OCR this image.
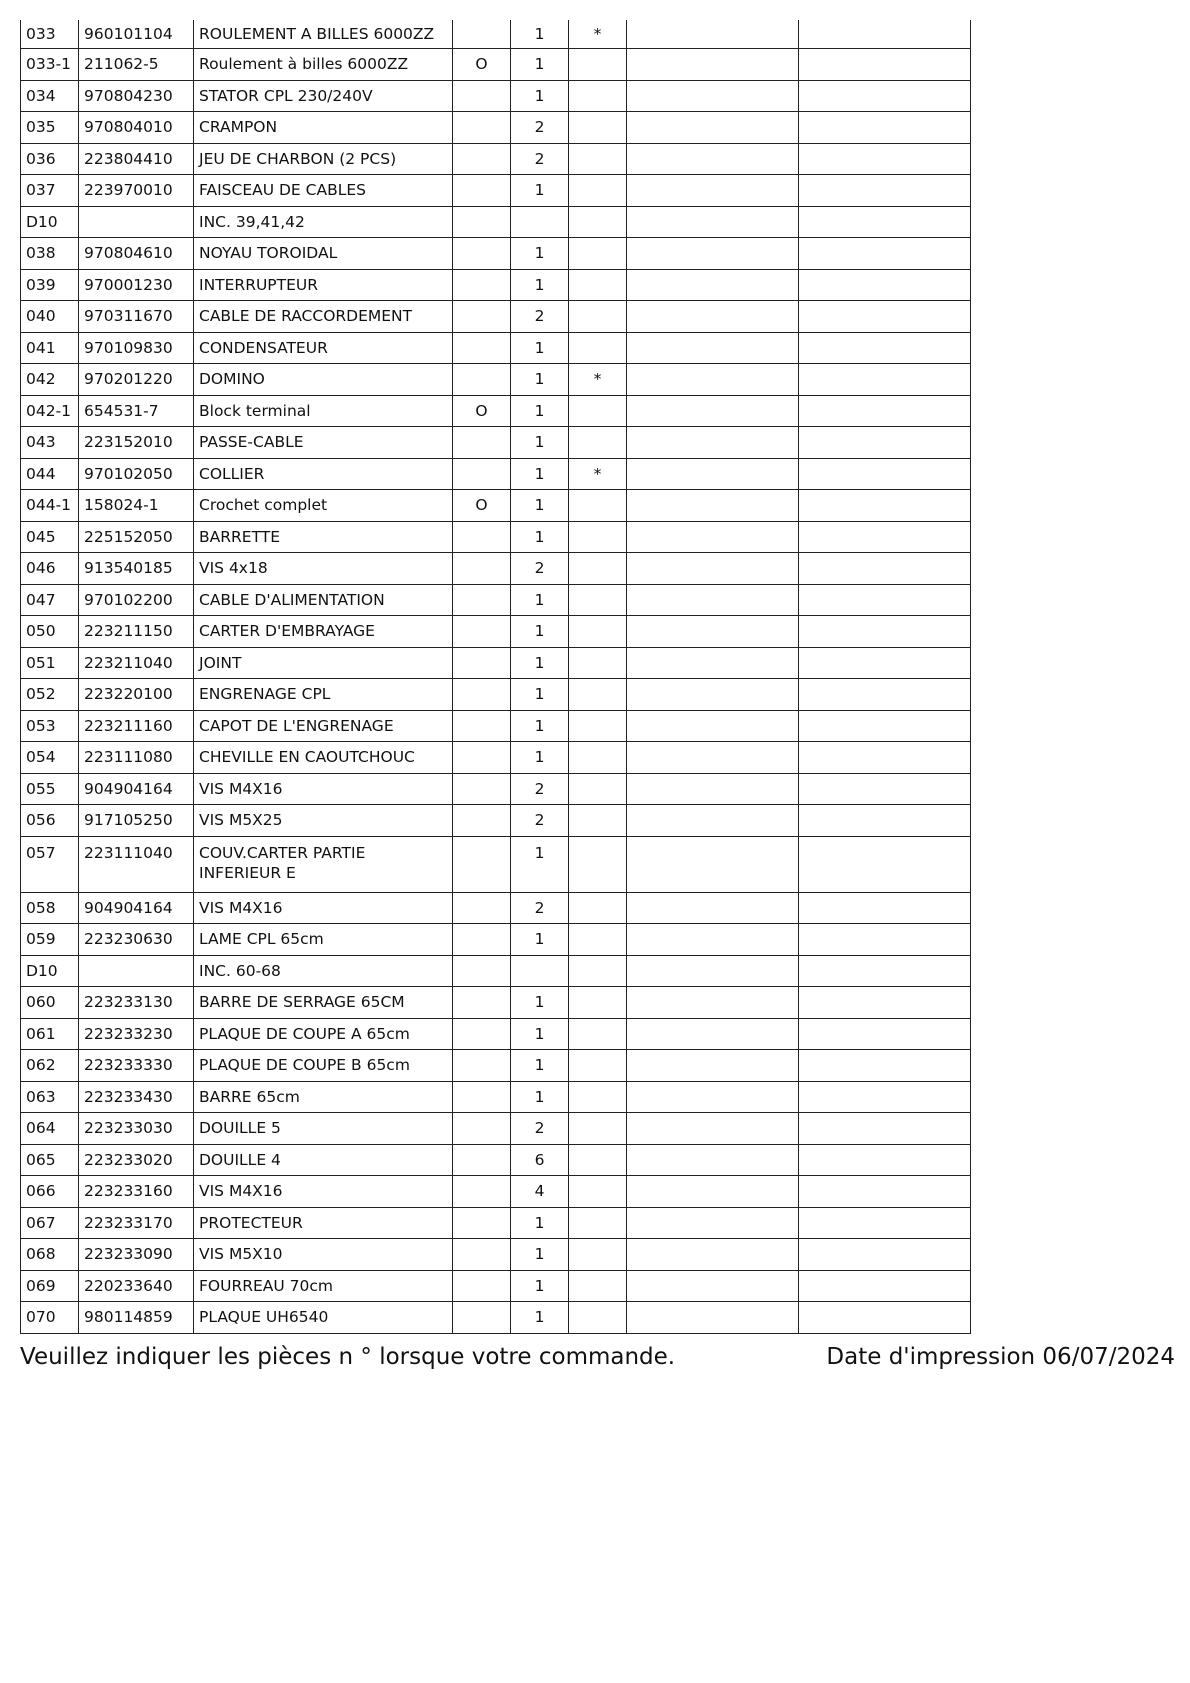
033	960101104	ROULEMENT A BILLES 6000ZZ		1	*		
033-1	211062-5	Roulement à billes 6000ZZ	O	1			
034	970804230	STATOR CPL 230/240V		1			
035	970804010	CRAMPON		2			
036	223804410	JEU DE CHARBON (2 PCS)		2			
037	223970010	FAISCEAU DE CABLES		1			
D10		INC. 39,41,42					
038	970804610	NOYAU TOROIDAL		1			
039	970001230	INTERRUPTEUR		1			
040	970311670	CABLE DE RACCORDEMENT		2			
041	970109830	CONDENSATEUR		1			
042	970201220	DOMINO		1	*		
042-1	654531-7	Block terminal	O	1			
043	223152010	PASSE-CABLE		1			
044	970102050	COLLIER		1	*		
044-1	158024-1	Crochet complet	O	1			
045	225152050	BARRETTE		1			
046	913540185	VIS 4x18		2			
047	970102200	CABLE D'ALIMENTATION		1			
050	223211150	CARTER D'EMBRAYAGE		1			
051	223211040	JOINT		1			
052	223220100	ENGRENAGE CPL		1			
053	223211160	CAPOT DE L'ENGRENAGE		1			
054	223111080	CHEVILLE EN CAOUTCHOUC		1			
055	904904164	VIS M4X16		2			
056	917105250	VIS M5X25		2			
057	223111040	COUV.CARTER PARTIE INFERIEUR E		1			
058	904904164	VIS M4X16		2			
059	223230630	LAME CPL 65cm		1			
D10		INC. 60-68					
060	223233130	BARRE DE SERRAGE 65CM		1			
061	223233230	PLAQUE DE COUPE A 65cm		1			
062	223233330	PLAQUE DE COUPE B 65cm		1			
063	223233430	BARRE 65cm		1			
064	223233030	DOUILLE 5		2			
065	223233020	DOUILLE 4		6			
066	223233160	VIS M4X16		4			
067	223233170	PROTECTEUR		1			
068	223233090	VIS M5X10		1			
069	220233640	FOURREAU 70cm		1			
070	980114859	PLAQUE UH6540		1			
Veuillez indiquer les pièces n ° lorsque votre commande.	Date d'impression 06/07/2024
